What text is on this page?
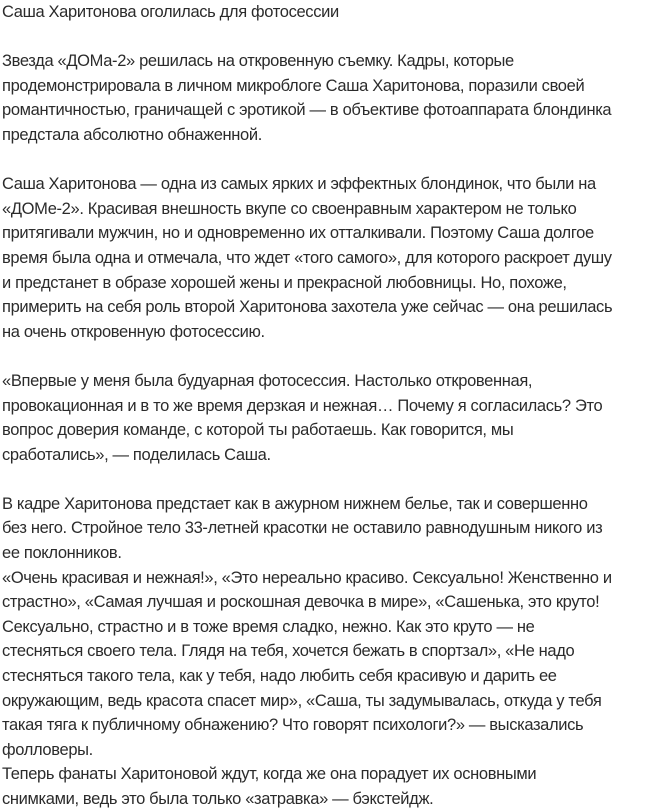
Саша Харитонова оголилась для фотосессии
Звезда «ДОМа-2» решилась на откровенную съемку. Кадры, которые
продемонстрировала в личном микроблоге Саша Харитонова, поразили своей
романтичностью, граничащей с эротикой — в объективе фотоаппарата блондинка
предстала абсолютно обнаженной.
Саша Харитонова — одна из самых ярких и эффектных блондинок, что были на
«ДОМе-2». Красивая внешность вкупе со своенравным характером не только
притягивали мужчин, но и одновременно их отталкивали. Поэтому Саша долгое
время была одна и отмечала, что ждет «того самого», для которого раскроет душу
и предстанет в образе хорошей жены и прекрасной любовницы. Но, похоже,
примерить на себя роль второй Харитонова захотела уже сейчас — она решилась
на очень откровенную фотосессию.
«Впервые у меня была будуарная фотосессия. Настолько откровенная,
провокационная и в то же время дерзкая и нежная… Почему я согласилась? Это
вопрос доверия команде, с которой ты работаешь. Как говорится, мы
сработались», — поделилась Саша.
В кадре Харитонова предстает как в ажурном нижнем белье, так и совершенно
без него. Стройное тело 33-летней красотки не оставило равнодушным никого из
ее поклонников.
«Очень красивая и нежная!», «Это нереально красиво. Сексуально! Женственно и
страстно», «Самая лучшая и роскошная девочка в мире», «Сашенька, это круто!
Сексуально, страстно и в тоже время сладко, нежно. Как это круто — не
стесняться своего тела. Глядя на тебя, хочется бежать в спортзал», «Не надо
стесняться такого тела, как у тебя, надо любить себя красивую и дарить ее
окружающим, ведь красота спасет мир», «Саша, ты задумывалась, откуда у тебя
такая тяга к публичному обнажению? Что говорят психологи?» — высказались
фолловеры.
Теперь фанаты Харитоновой ждут, когда же она порадует их основными
снимками, ведь это была только «затравка» — бэкстейдж.
